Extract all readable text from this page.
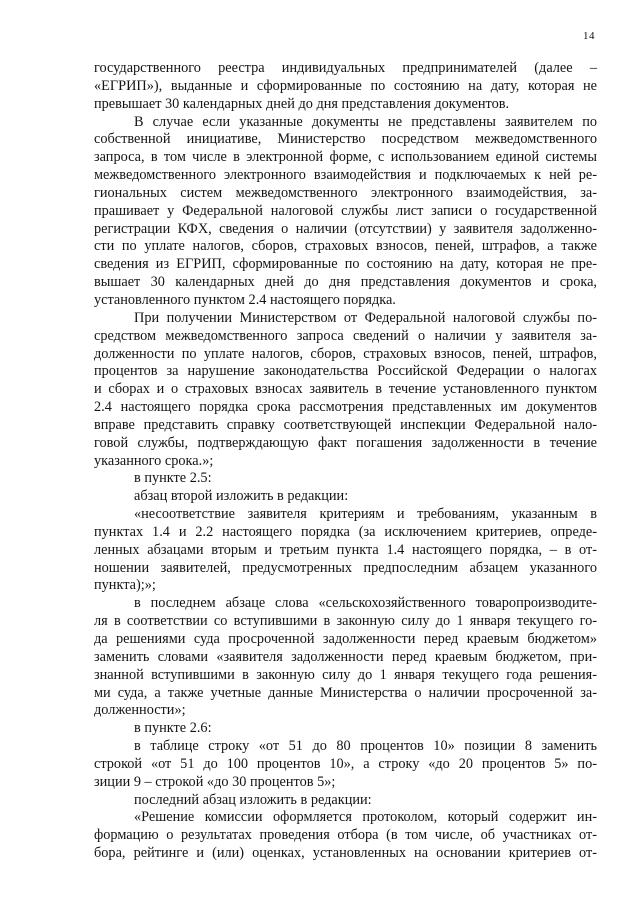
14
государственного реестра индивидуальных предпринимателей (далее –
«ЕГРИП»), выданные и сформированные по состоянию на дату, которая не
превышает 30 календарных дней до дня представления документов.
В случае если указанные документы не представлены заявителем по
собственной инициативе, Министерство посредством межведомственного
запроса, в том числе в электронной форме, с использованием единой системы
межведомственного электронного взаимодействия и подключаемых к ней ре-
гиональных систем межведомственного электронного взаимодействия, за-
прашивает у Федеральной налоговой службы лист записи о государственной
регистрации КФХ, сведения о наличии (отсутствии) у заявителя задолженно-
сти по уплате налогов, сборов, страховых взносов, пеней, штрафов, а также
сведения из ЕГРИП, сформированные по состоянию на дату, которая не пре-
вышает 30 календарных дней до дня представления документов и срока,
установленного пунктом 2.4 настоящего порядка.
При получении Министерством от Федеральной налоговой службы по-
средством межведомственного запроса сведений о наличии у заявителя за-
долженности по уплате налогов, сборов, страховых взносов, пеней, штрафов,
процентов за нарушение законодательства Российской Федерации о налогах
и сборах и о страховых взносах заявитель в течение установленного пунктом
2.4 настоящего порядка срока рассмотрения представленных им документов
вправе представить справку соответствующей инспекции Федеральной нало-
говой службы, подтверждающую факт погашения задолженности в течение
указанного срока.»;
в пункте 2.5:
абзац второй изложить в редакции:
«несоответствие заявителя критериям и требованиям, указанным в
пунктах 1.4 и 2.2 настоящего порядка (за исключением критериев, опреде-
ленных абзацами вторым и третьим пункта 1.4 настоящего порядка, – в от-
ношении заявителей, предусмотренных предпоследним абзацем указанного
пункта);»;
в последнем абзаце слова «сельскохозяйственного товаропроизводите-
ля в соответствии со вступившими в законную силу до 1 января текущего го-
да решениями суда просроченной задолженности перед краевым бюджетом»
заменить словами «заявителя задолженности перед краевым бюджетом, при-
знанной вступившими в законную силу до 1 января текущего года решения-
ми суда, а также учетные данные Министерства о наличии просроченной за-
долженности»;
в пункте 2.6:
в таблице строку «от 51 до 80 процентов 10» позиции 8 заменить
строкой «от 51 до 100 процентов 10», а строку «до 20 процентов 5» по-
зиции 9 – строкой «до 30 процентов 5»;
последний абзац изложить в редакции:
«Решение комиссии оформляется протоколом, который содержит ин-
формацию о результатах проведения отбора (в том числе, об участниках от-
бора, рейтинге и (или) оценках, установленных на основании критериев от-
